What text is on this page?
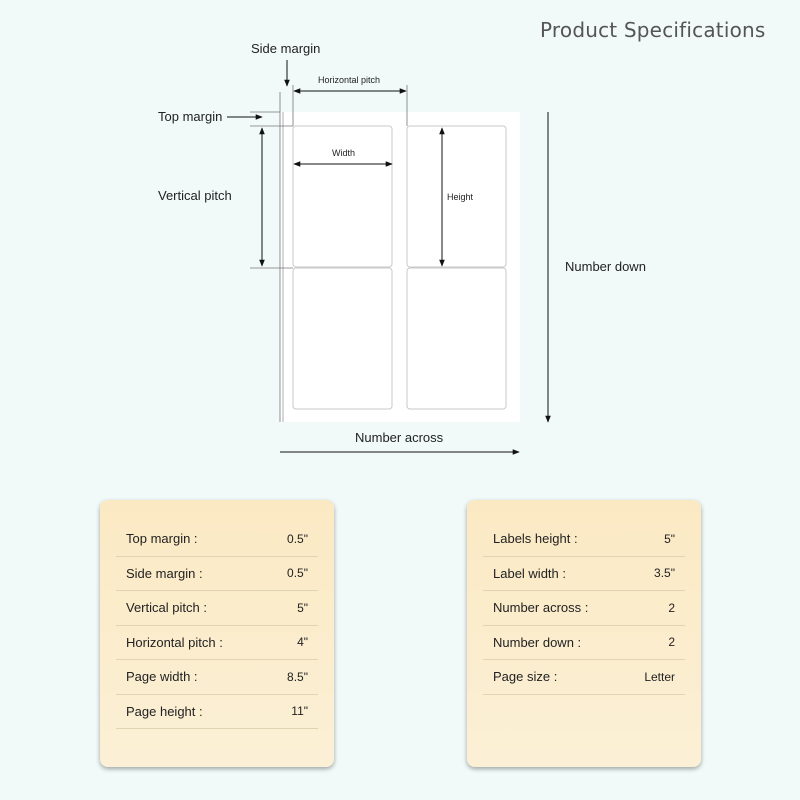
Product Specifications
Side margin
Horizontal pitch
Top margin
Vertical pitch
Width
Height
Number down
Number across
Top margin :	0.5"
Side margin :	0.5"
Vertical pitch :	5"
Horizontal pitch :	4"
Page width :	8.5"
Page height :	11"
Labels height :	5"
Label width :	3.5"
Number across :	2
Number down :	2
Page size :	Letter
